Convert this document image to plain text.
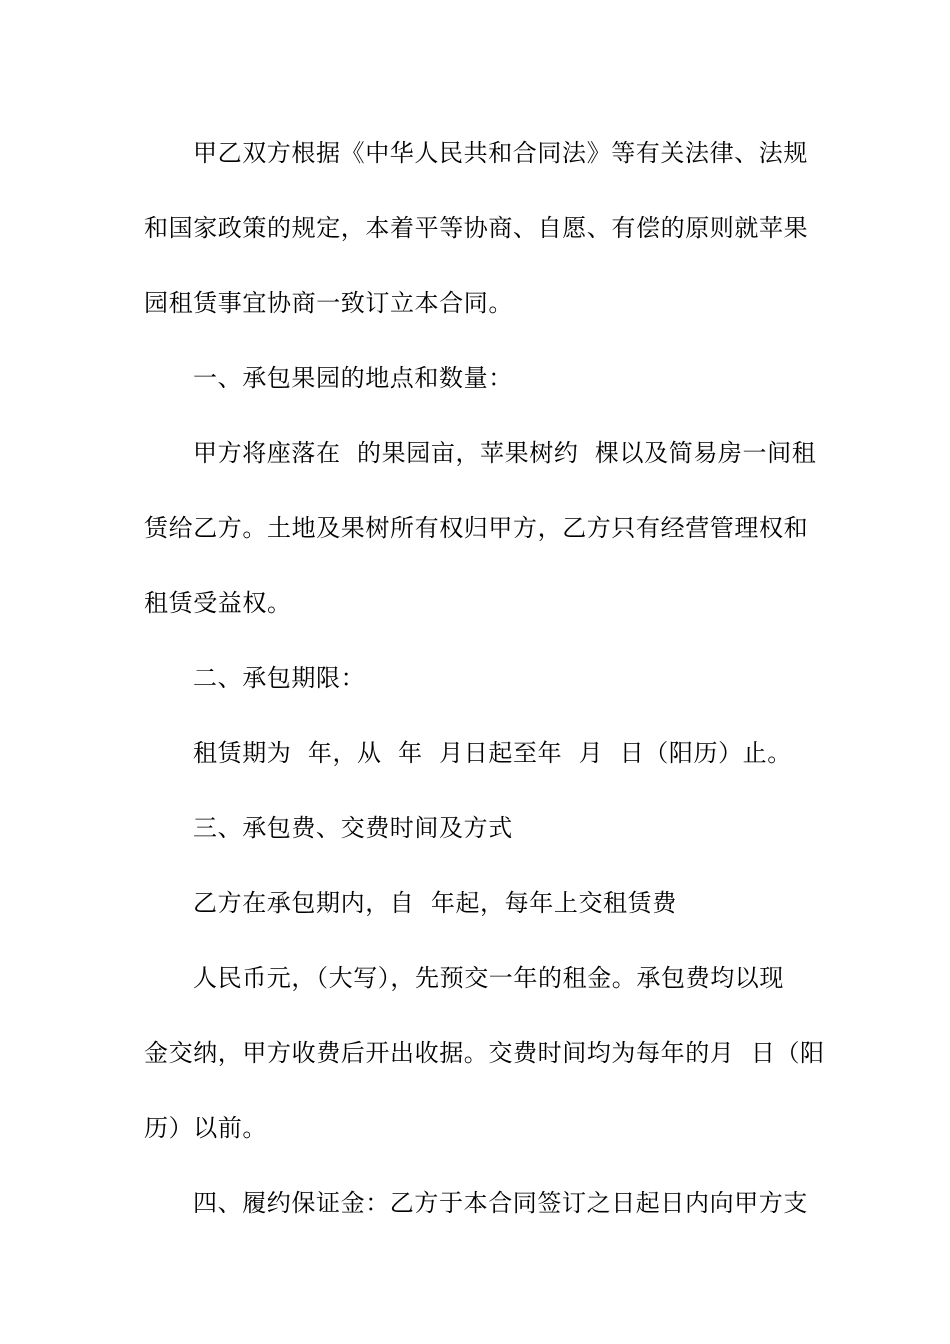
甲乙双方根据《中华人民共和合同法》等有关法律、法规
和国家政策的规定，本着平等协商、自愿、有偿的原则就苹果
园租赁事宜协商一致订立本合同。
一、承包果园的地点和数量：
甲方将座落在  的果园亩，苹果树约  棵以及简易房一间租
赁给乙方。土地及果树所有权归甲方，乙方只有经营管理权和
租赁受益权。
二、承包期限：
租赁期为  年，从  年  月日起至年  月  日（阳历）止。
三、承包费、交费时间及方式
乙方在承包期内，自  年起，每年上交租赁费
人民币元，（大写），先预交一年的租金。承包费均以现
金交纳，甲方收费后开出收据。交费时间均为每年的月  日（阳
历）以前。
四、履约保证金：乙方于本合同签订之日起日内向甲方支
